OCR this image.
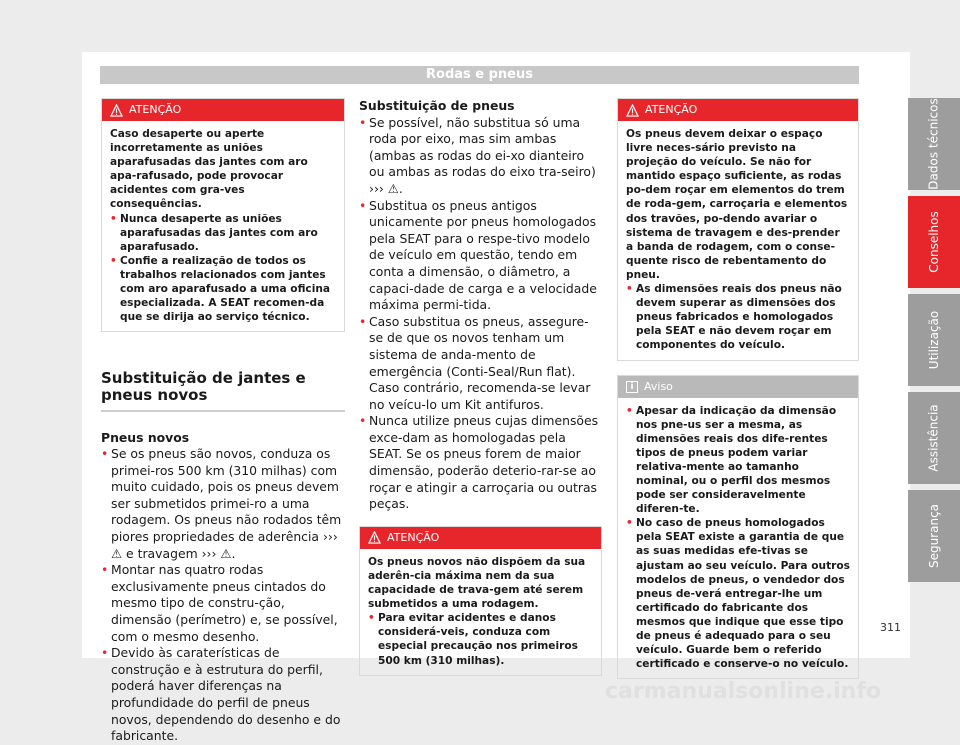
Rodas e pneus
ATENÇÃO

Caso desaperte ou aperte incorretamente as uniões aparafusadas das jantes com aro apa-rafusado, pode provocar acidentes com gra-ves consequências.

• Nunca desaperte as uniões aparafusadas das jantes com aro aparafusado.
• Confie a realização de todos os trabalhos relacionados com jantes com aro aparafusado a uma oficina especializada. A SEAT recomen-da que se dirija ao serviço técnico.
Substituição de jantes e pneus novos

Pneus novos

• Se os pneus são novos, conduza os primei-ros 500 km (310 milhas) com muito cuidado, pois os pneus devem ser submetidos primei-ro a uma rodagem. Os pneus não rodados têm piores propriedades de aderência ››› ⚠ e travagem ››› ⚠.
• Montar nas quatro rodas exclusivamente pneus cintados do mesmo tipo de constru-ção, dimensão (perímetro) e, se possível, com o mesmo desenho.
• Devido às caraterísticas de construção e à estrutura do perfil, poderá haver diferenças na profundidade do perfil de pneus novos, dependendo do desenho e do fabricante.

Substituição de pneus

• Se possível, não substitua só uma roda por eixo, mas sim ambas (ambas as rodas do ei-xo dianteiro ou ambas as rodas do eixo tra-seiro) ››› ⚠.
• Substitua os pneus antigos unicamente por pneus homologados pela SEAT para o respe-tivo modelo de veículo em questão, tendo em conta a dimensão, o diâmetro, a capaci-dade de carga e a velocidade máxima permi-tida.
• Caso substitua os pneus, assegure-se de que os novos tenham um sistema de anda-mento de emergência (Conti-Seal/Run flat). Caso contrário, recomenda-se levar no veícu-lo um Kit antifuros.
• Nunca utilize pneus cujas dimensões exce-dam as homologadas pela SEAT. Se os pneus forem de maior dimensão, poderão deterio-rar-se ao roçar e atingir a carroçaria ou outras peças.
ATENÇÃO

Os pneus novos não dispõem da sua aderên-cia máxima nem da sua capacidade de trava-gem até serem submetidos a uma rodagem.

• Para evitar acidentes e danos considerá-veis, conduza com especial precaução nos primeiros 500 km (310 milhas).
ATENÇÃO

Os pneus devem deixar o espaço livre neces-sário previsto na projeção do veículo. Se não for mantido espaço suficiente, as rodas po-dem roçar em elementos do trem de roda-gem, carroçaria e elementos dos travões, po-dendo avariar o sistema de travagem e des-prender a banda de rodagem, com o conse-quente risco de rebentamento do pneu.

• As dimensões reais dos pneus não devem superar as dimensões dos pneus fabricados e homologados pela SEAT e não devem roçar em componentes do veículo.
i Aviso
• Apesar da indicação da dimensão nos pne-us ser a mesma, as dimensões reais dos dife-rentes tipos de pneus podem variar relativa-mente ao tamanho nominal, ou o perfil dos mesmos pode ser consideravelmente diferen-te.
• No caso de pneus homologados pela SEAT existe a garantia de que as suas medidas efe-tivas se ajustam ao seu veículo. Para outros modelos de pneus, o vendedor dos pneus de-verá entregar-lhe um certificado do fabricante dos mesmos que indique que esse tipo de pneus é adequado para o seu veículo. Guarde bem o referido certificado e conserve-o no veículo.
Dados técnicos
Conselhos
Utilização
Assistência
Segurança
311
carmanualsonline.info
